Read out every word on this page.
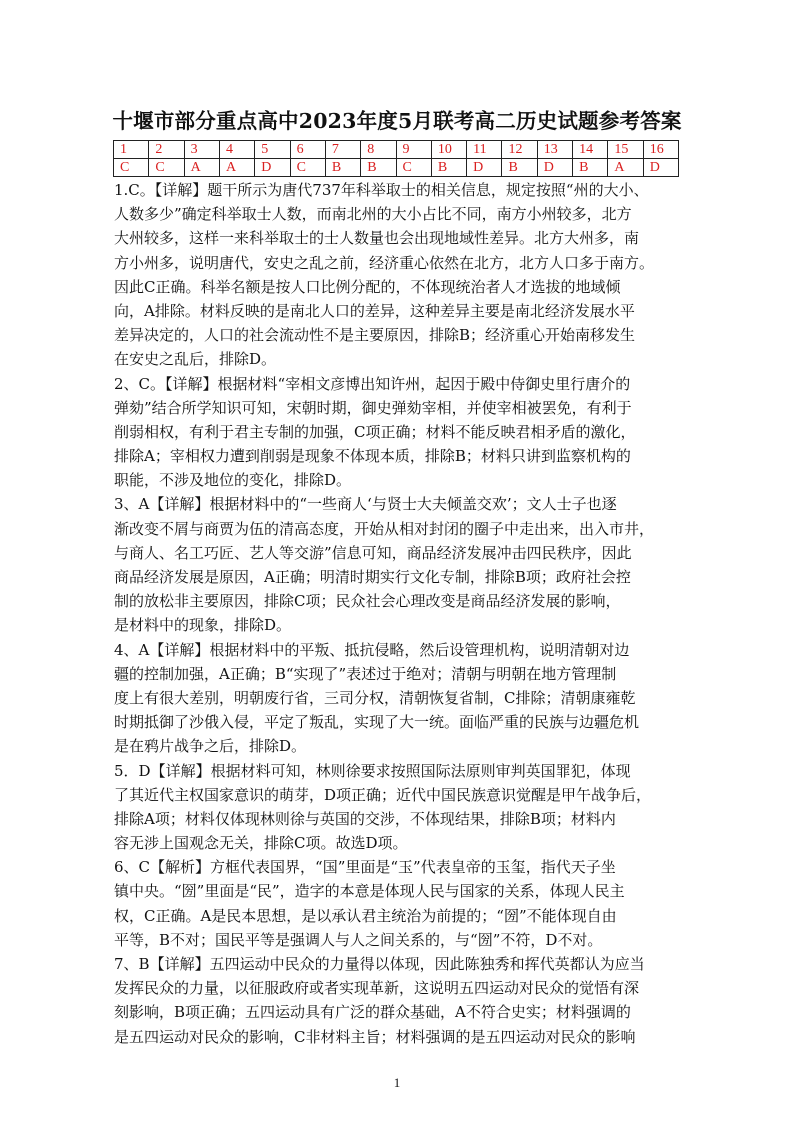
十堰市部分重点高中2023年度5月联考高二历史试题参考答案
1	2	3	4	5	6	7	8	9	10	11	12	13	14	15	16
C	C	A	A	D	C	B	B	C	B	D	B	D	B	A	D

1.C。【详解】题干所示为唐代737年科举取士的相关信息，规定按照“州的大小、
人数多少”确定科举取士人数，而南北州的大小占比不同，南方小州较多，北方
大州较多，这样一来科举取士的士人数量也会出现地域性差异。北方大州多，南
方小州多，说明唐代，安史之乱之前，经济重心依然在北方，北方人口多于南方。
因此C正确。科举名额是按人口比例分配的，不体现统治者人才选拔的地域倾
向，A排除。材料反映的是南北人口的差异，这种差异主要是南北经济发展水平
差异决定的，人口的社会流动性不是主要原因，排除B；经济重心开始南移发生
在安史之乱后，排除D。

2、C。【详解】根据材料“宰相文彦博出知许州，起因于殿中侍御史里行唐介的
弹劾”结合所学知识可知，宋朝时期，御史弹劾宰相，并使宰相被罢免，有利于
削弱相权，有利于君主专制的加强，C项正确；材料不能反映君相矛盾的激化，
排除A；宰相权力遭到削弱是现象不体现本质，排除B；材料只讲到监察机构的
职能，不涉及地位的变化，排除D。

3、A【详解】根据材料中的“一些商人‘与贤士大夫倾盖交欢’；文人士子也逐
渐改变不屑与商贾为伍的清高态度，开始从相对封闭的圈子中走出来，出入市井，
与商人、名工巧匠、艺人等交游”信息可知，商品经济发展冲击四民秩序，因此
商品经济发展是原因，A正确；明清时期实行文化专制，排除B项；政府社会控
制的放松非主要原因，排除C项；民众社会心理改变是商品经济发展的影响，
是材料中的现象，排除D。

4、A【详解】根据材料中的平叛、抵抗侵略，然后设管理机构，说明清朝对边
疆的控制加强，A正确；B“实现了”表述过于绝对；清朝与明朝在地方管理制
度上有很大差别，明朝废行省，三司分权，清朝恢复省制，C排除；清朝康雍乾
时期抵御了沙俄入侵，平定了叛乱，实现了大一统。面临严重的民族与边疆危机
是在鸦片战争之后，排除D。

5．D【详解】根据材料可知，林则徐要求按照国际法原则审判英国罪犯，体现
了其近代主权国家意识的萌芽，D项正确；近代中国民族意识觉醒是甲午战争后，
排除A项；材料仅体现林则徐与英国的交涉，不体现结果，排除B项；材料内
容无涉上国观念无关，排除C项。故选D项。

6、C【解析】方框代表国界，“国”里面是“玉”代表皇帝的玉玺，指代天子坐
镇中央。“圀”里面是“民”，造字的本意是体现人民与国家的关系，体现人民主
权，C正确。A是民本思想，是以承认君主统治为前提的；“圀”不能体现自由
平等，B不对；国民平等是强调人与人之间关系的，与“圀”不符，D不对。

7、B【详解】五四运动中民众的力量得以体现，因此陈独秀和挥代英都认为应当
发挥民众的力量，以征服政府或者实现革新，这说明五四运动对民众的觉悟有深
刻影响，B项正确；五四运动具有广泛的群众基础，A不符合史实；材料强调的
是五四运动对民众的影响，C非材料主旨；材料强调的是五四运动对民众的影响

1
